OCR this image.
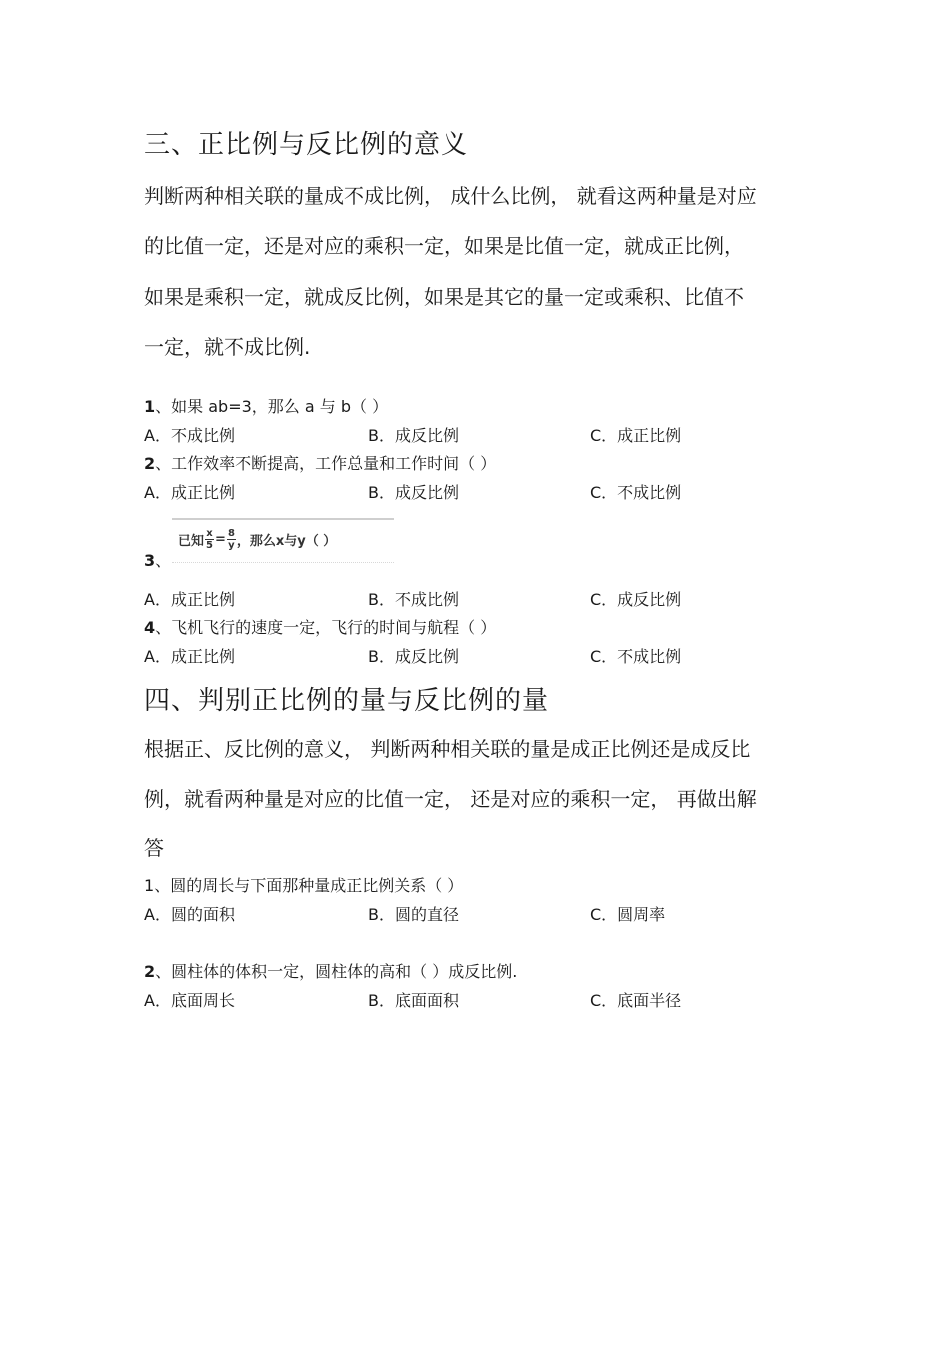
三、正比例与反比例的意义
判断两种相关联的量成不成比例， 成什么比例， 就看这两种量是对应
的比值一定，还是对应的乘积一定，如果是比值一定，就成正比例，
如果是乘积一定，就成反比例，如果是其它的量一定或乘积、比值不
一定，就不成比例.
1、如果 ab=3，那么 a 与 b（ ）
A．不成比例	B．成反比例	C．成正比例
2、工作效率不断提高，工作总量和工作时间（ ）
A．成正比例	B．成反比例	C．不成比例
已知 $\frac{x}{5} = \frac{8}{y}$ ，那么x与y（ ）
3、
A．成正比例	B．不成比例	C．成反比例
4、飞机飞行的速度一定，飞行的时间与航程（ ）
A．成正比例	B．成反比例	C．不成比例
四、判别正比例的量与反比例的量
根据正、反比例的意义， 判断两种相关联的量是成正比例还是成反比
例，就看两种量是对应的比值一定， 还是对应的乘积一定， 再做出解
答
1、圆的周长与下面那种量成正比例关系（ ）
A．圆的面积	B．圆的直径	C．圆周率
2、圆柱体的体积一定，圆柱体的高和（ ）成反比例.
A．底面周长	B．底面面积	C．底面半径
